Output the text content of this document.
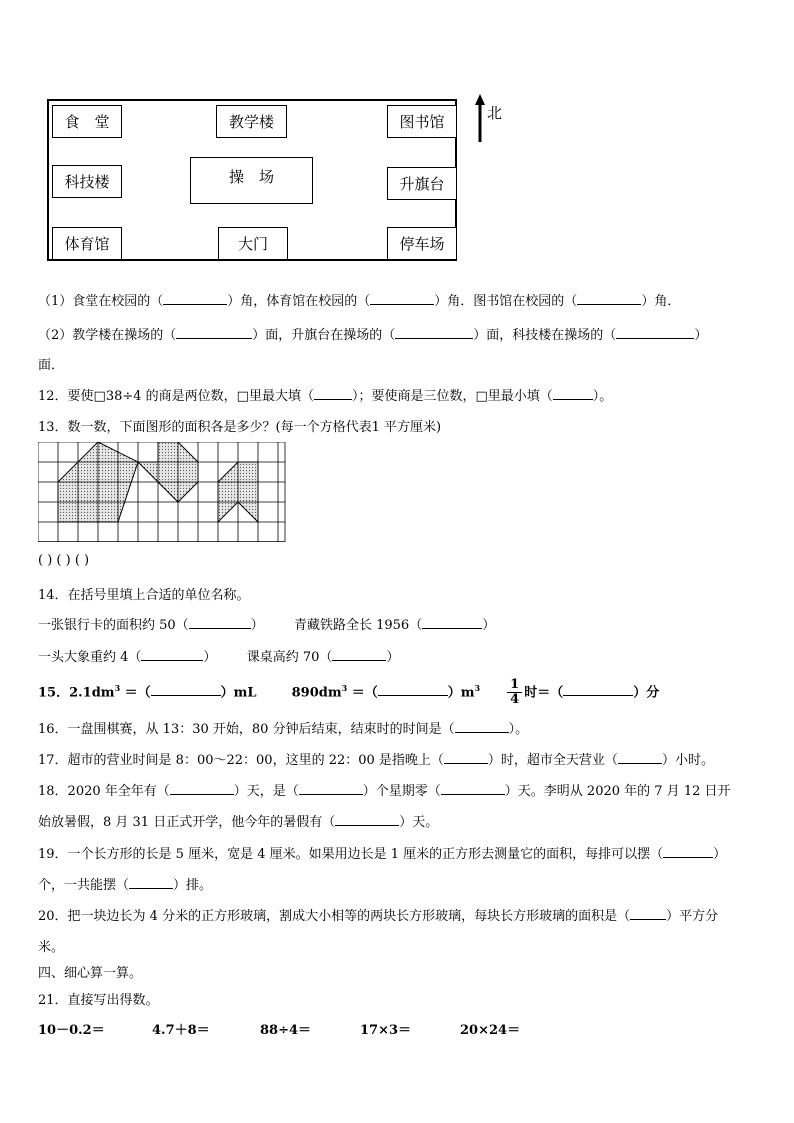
食　堂	教学楼	图书馆
科技楼	操　场	升旗台
体育馆	大门	停车场
北
（1）食堂在校园的（	）角，体育馆在校园的（	）角．图书馆在校园的（	）角．
（2）教学楼在操场的（	）面，升旗台在操场的（	）面，科技楼在操场的（	）
面．
12．要使□38÷4 的商是两位数，□里最大填（	）；要使商是三位数，□里最小填（	）。
13．数一数，下面图形的面积各是多少？(每一个方格代表1 平方厘米)
( ) ( ) ( )
14．在括号里填上合适的单位名称。
一张银行卡的面积约 50（	） 青藏铁路全长 1956（	）
一头大象重约 4（	） 课桌高约 70（	）
15．$2.1dm^3$ ＝（	）mL	$890dm^3$ ＝（	）$m^3 \frac{1}{4}$ 时＝（	）分
16．一盘围棋赛，从 13：30 开始，80 分钟后结束，结束时的时间是（	）。
17．超市的营业时间是 8：00～22：00，这里的 22：00 是指晚上（	）时，超市全天营业（	）小时。
18．2020 年全年有（	）天，是（	）个星期零（	）天。李明从 2020 年的 7 月 12 日开
始放暑假，8 月 31 日正式开学，他今年的暑假有（	）天。
19．一个长方形的长是 5 厘米，宽是 4 厘米。如果用边长是 1 厘米的正方形去测量它的面积，每排可以摆（	）
个，一共能摆（	）排。
20．把一块边长为 4 分米的正方形玻璃，割成大小相等的两块长方形玻璃，每块长方形玻璃的面积是（	）平方分
米。
四、细心算一算。
21．直接写出得数。
10－0.2＝	4.7＋8＝	88÷4＝	17×3＝	20×24＝
